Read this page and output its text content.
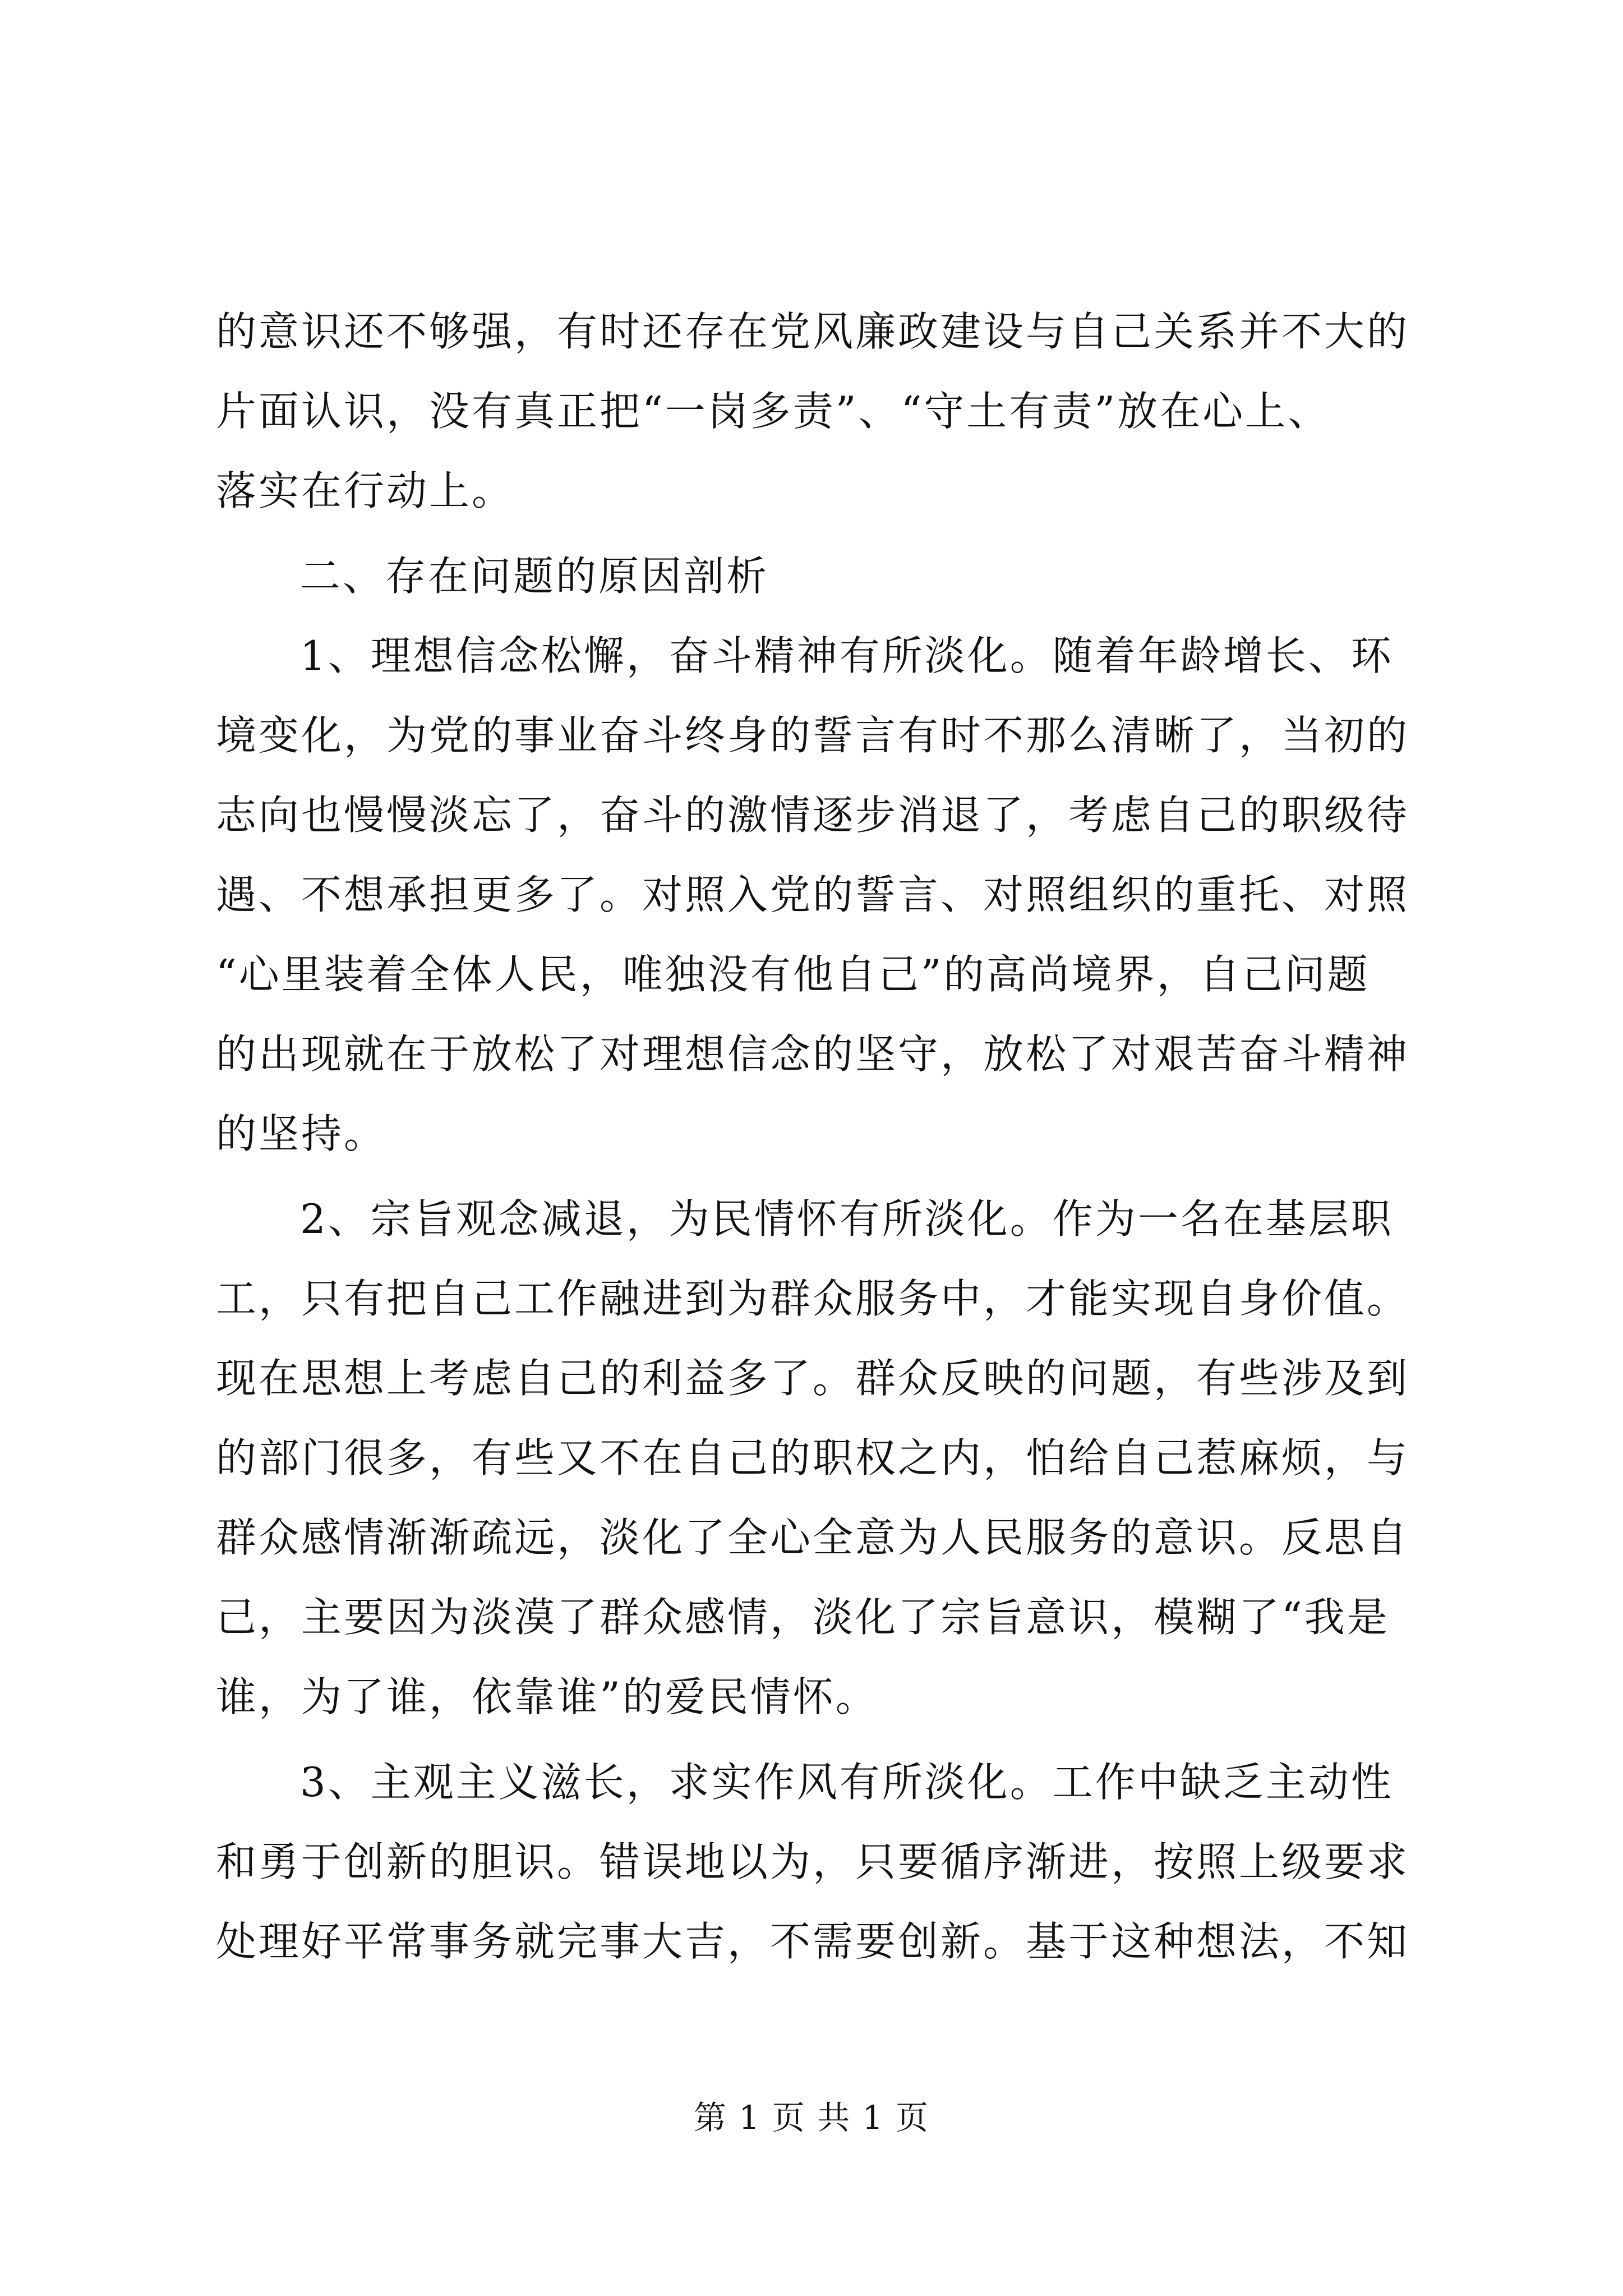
的意识还不够强，有时还存在党风廉政建设与自己关系并不大的
片面认识，没有真正把“一岗多责”、“守土有责”放在心上、
落实在行动上。
二、存在问题的原因剖析
1、理想信念松懈，奋斗精神有所淡化。随着年龄增长、环
境变化，为党的事业奋斗终身的誓言有时不那么清晰了，当初的
志向也慢慢淡忘了，奋斗的激情逐步消退了，考虑自己的职级待
遇、不想承担更多了。对照入党的誓言、对照组织的重托、对照
“心里装着全体人民，唯独没有他自己”的高尚境界，自己问题
的出现就在于放松了对理想信念的坚守，放松了对艰苦奋斗精神
的坚持。
2、宗旨观念减退，为民情怀有所淡化。作为一名在基层职
工，只有把自己工作融进到为群众服务中，才能实现自身价值。
现在思想上考虑自己的利益多了。群众反映的问题，有些涉及到
的部门很多，有些又不在自己的职权之内，怕给自己惹麻烦，与
群众感情渐渐疏远，淡化了全心全意为人民服务的意识。反思自
己，主要因为淡漠了群众感情，淡化了宗旨意识，模糊了“我是
谁，为了谁，依靠谁”的爱民情怀。
3、主观主义滋长，求实作风有所淡化。工作中缺乏主动性
和勇于创新的胆识。错误地以为，只要循序渐进，按照上级要求
处理好平常事务就完事大吉，不需要创新。基于这种想法，不知
第 1 页 共 1 页
